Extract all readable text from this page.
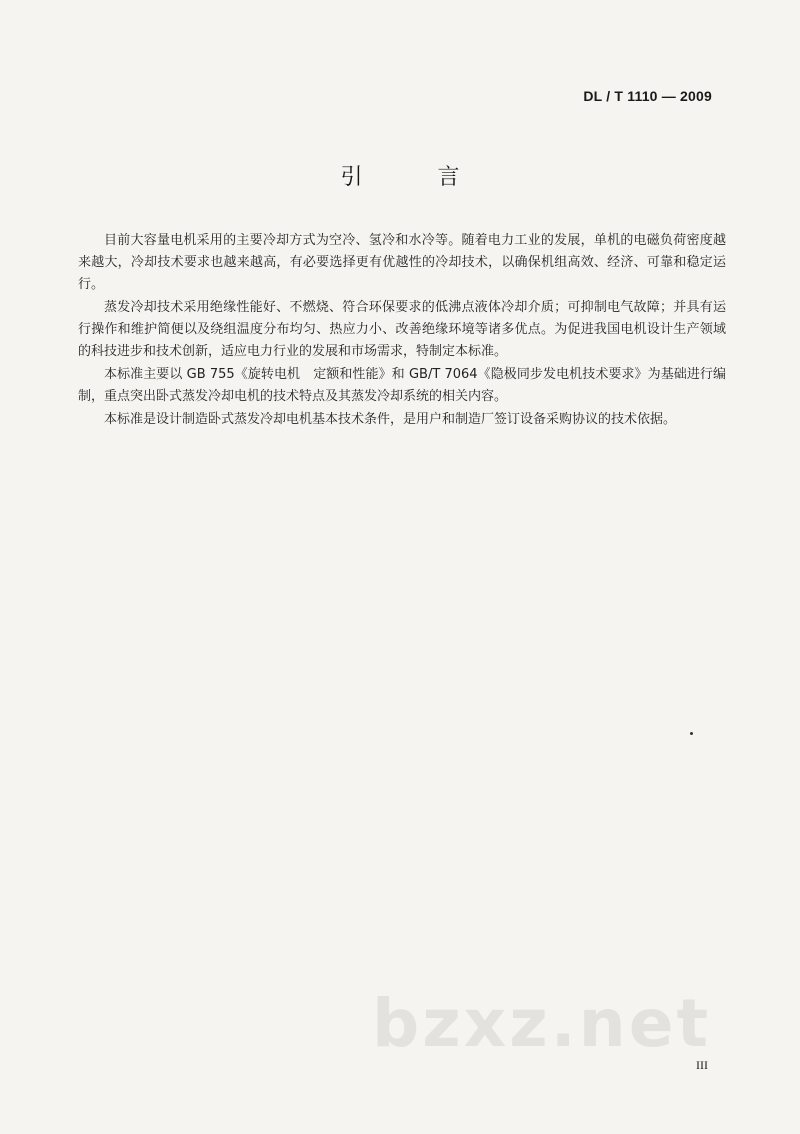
DL / T 1110 — 2009
引 言

目前大容量电机采用的主要冷却方式为空冷、氢冷和水冷等。随着电力工业的发展，单机的电磁负荷密度越来越大，冷却技术要求也越来越高，有必要选择更有优越性的冷却技术，以确保机组高效、经济、可靠和稳定运行。

蒸发冷却技术采用绝缘性能好、不燃烧、符合环保要求的低沸点液体冷却介质；可抑制电气故障；并具有运行操作和维护简便以及绕组温度分布均匀、热应力小、改善绝缘环境等诸多优点。为促进我国电机设计生产领域的科技进步和技术创新，适应电力行业的发展和市场需求，特制定本标准。

本标准主要以 GB 755《旋转电机　定额和性能》和 GB/T 7064《隐极同步发电机技术要求》为基础进行编制，重点突出卧式蒸发冷却电机的技术特点及其蒸发冷却系统的相关内容。

本标准是设计制造卧式蒸发冷却电机基本技术条件，是用户和制造厂签订设备采购协议的技术依据。

bzxz.net
III
